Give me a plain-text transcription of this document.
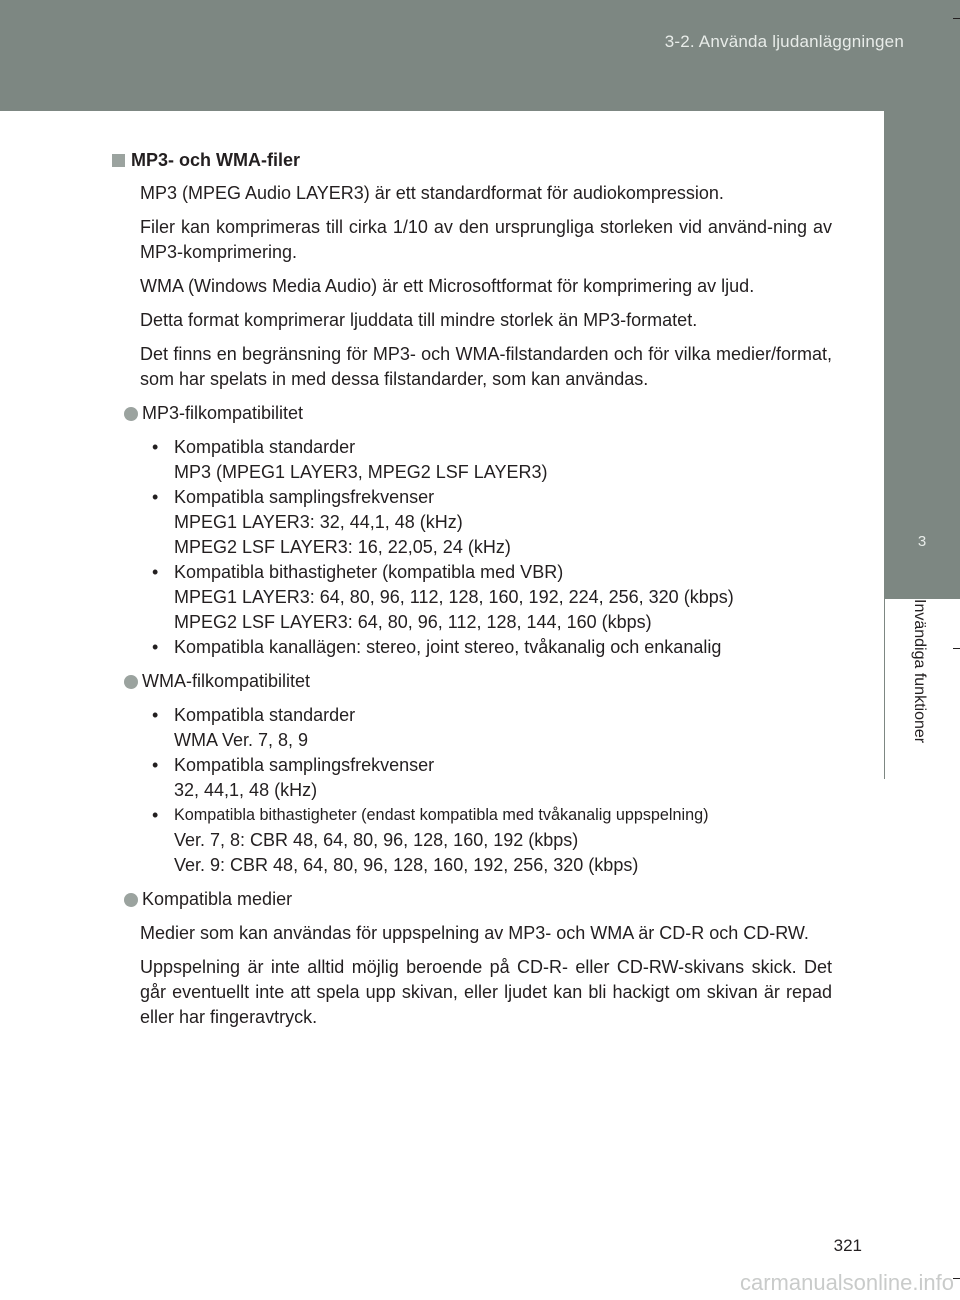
3-2. Använda ljudanläggningen
3
Invändiga funktioner
MP3- och WMA-filer

MP3 (MPEG Audio LAYER3) är ett standardformat för audiokompression.

Filer kan komprimeras till cirka 1/10 av den ursprungliga storleken vid använd-ning av MP3-komprimering.

WMA (Windows Media Audio) är ett Microsoftformat för komprimering av ljud.

Detta format komprimerar ljuddata till mindre storlek än MP3-formatet.

Det finns en begränsning för MP3- och WMA-filstandarden och för vilka medier/format, som har spelats in med dessa filstandarder, som kan användas.

MP3-filkompatibilitet
• Kompatibla standarder
MP3 (MPEG1 LAYER3, MPEG2 LSF LAYER3)
• Kompatibla samplingsfrekvenser
MPEG1 LAYER3: 32, 44,1, 48 (kHz)
MPEG2 LSF LAYER3: 16, 22,05, 24 (kHz)
• Kompatibla bithastigheter (kompatibla med VBR)
MPEG1 LAYER3: 64, 80, 96, 112, 128, 160, 192, 224, 256, 320 (kbps)
MPEG2 LSF LAYER3: 64, 80, 96, 112, 128, 144, 160 (kbps)
• Kompatibla kanallägen: stereo, joint stereo, tvåkanalig och enkanalig
WMA-filkompatibilitet
• Kompatibla standarder
WMA Ver. 7, 8, 9
• Kompatibla samplingsfrekvenser
32, 44,1, 48 (kHz)
• Kompatibla bithastigheter (endast kompatibla med tvåkanalig uppspelning)
Ver. 7, 8: CBR 48, 64, 80, 96, 128, 160, 192 (kbps)
Ver. 9: CBR 48, 64, 80, 96, 128, 160, 192, 256, 320 (kbps)
Kompatibla medier

Medier som kan användas för uppspelning av MP3- och WMA är CD-R och CD-RW.

Uppspelning är inte alltid möjlig beroende på CD-R- eller CD-RW-skivans skick. Det går eventuellt inte att spela upp skivan, eller ljudet kan bli hackigt om skivan är repad eller har fingeravtryck.

321
carmanualsonline.info
